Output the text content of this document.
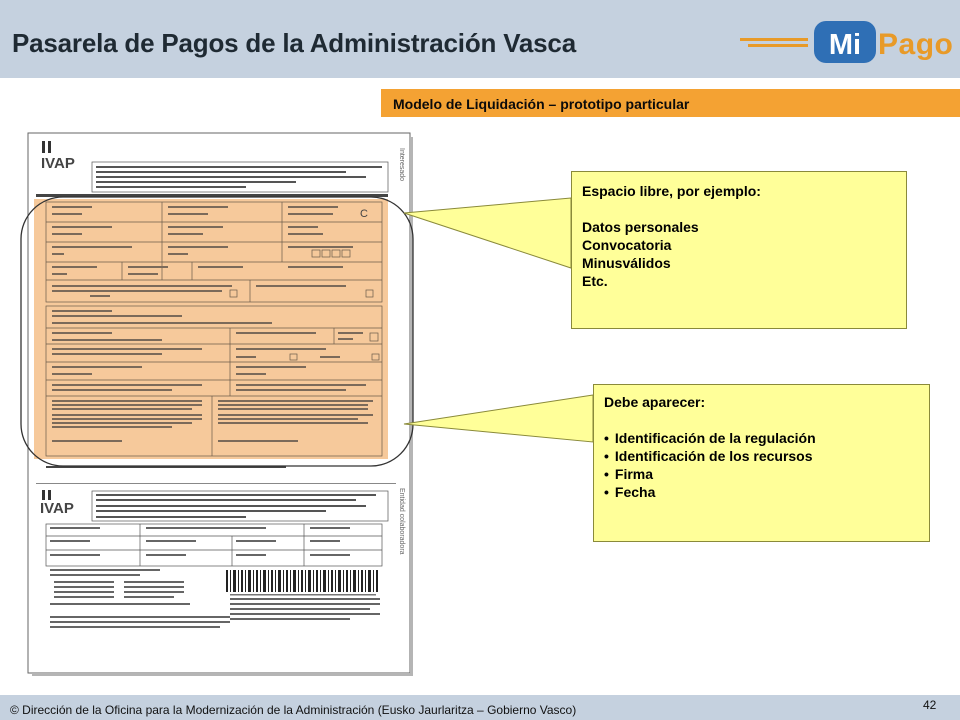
Pasarela de Pagos de la Administración Vasca	Mi Pago
Modelo de Liquidación – prototipo particular
IVAP
C
IVAP
Interesado
Entidad colaboradora
Espacio libre, por ejemplo:
Datos personales
Convocatoria
Minusválidos
Etc.
Debe aparecer:
• Identificación de la regulación
• Identificación de los recursos
• Firma
• Fecha
42
© Dirección de la Oficina para la Modernización de la Administración (Eusko Jaurlaritza – Gobierno Vasco)
